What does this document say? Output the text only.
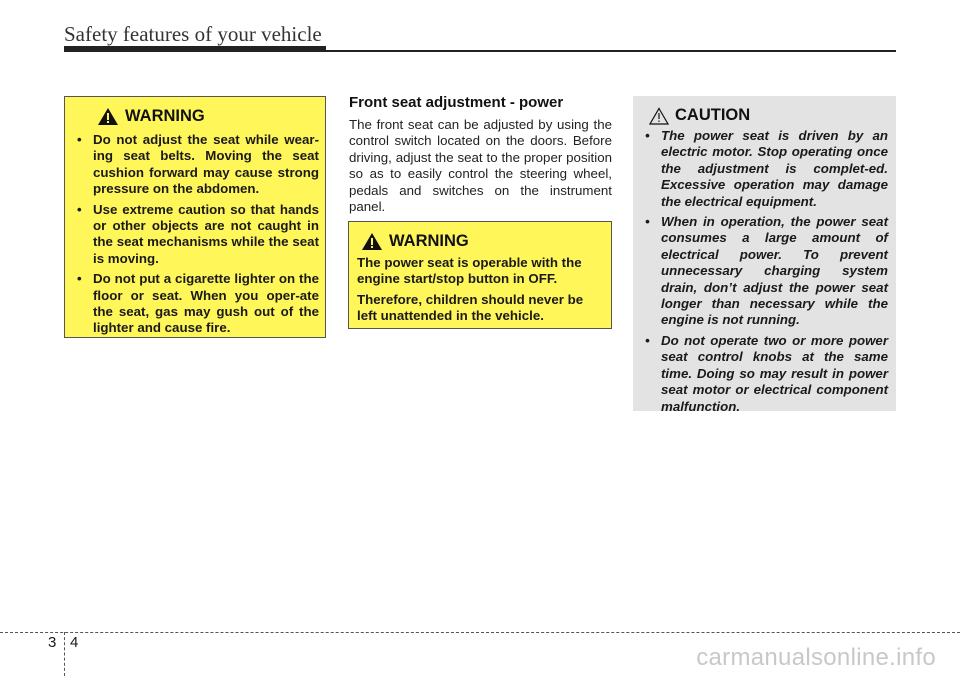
Safety features of your vehicle
WARNING
• Do not adjust the seat while wear-ing seat belts. Moving the seat cushion forward may cause strong pressure on the abdomen.
• Use extreme caution so that hands or other objects are not caught in the seat mechanisms while the seat is moving.
• Do not put a cigarette lighter on the floor or seat. When you oper-ate the seat, gas may gush out of the lighter and cause fire.
Front seat adjustment - power
The front seat can be adjusted by using the control switch located on the doors. Before driving, adjust the seat to the proper position so as to easily control the steering wheel, pedals and switches on the instrument panel.
WARNING

The power seat is operable with the engine start/stop button in OFF.

Therefore, children should never be left unattended in the vehicle.

CAUTION
• The power seat is driven by an electric motor. Stop operating once the adjustment is complet-ed. Excessive operation may damage the electrical equipment.
• When in operation, the power seat consumes a large amount of electrical power. To prevent unnecessary charging system drain, don’t adjust the power seat longer than necessary while the engine is not running.
• Do not operate two or more power seat control knobs at the same time. Doing so may result in power seat motor or electrical component malfunction.
3 4
carmanualsonline.info
